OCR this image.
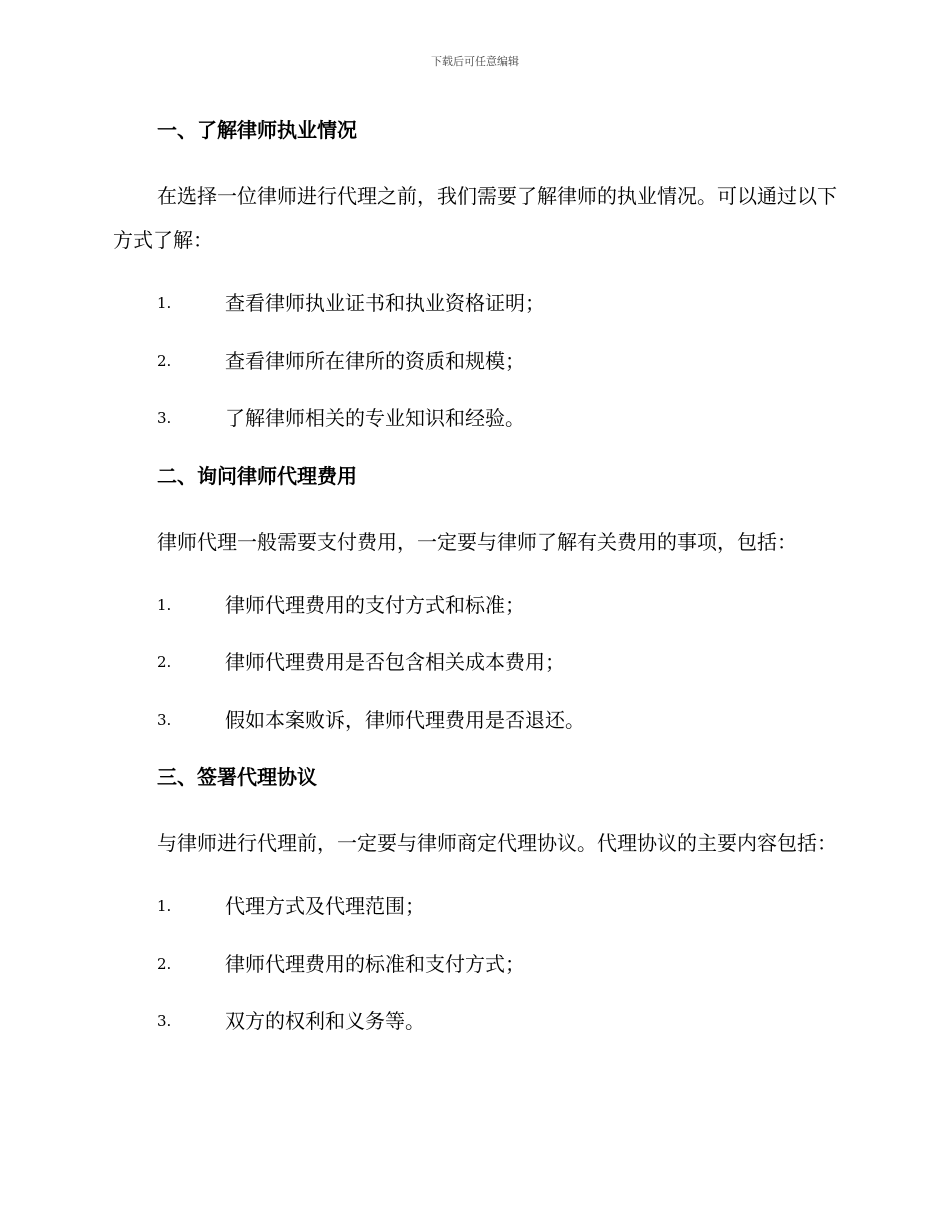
下载后可任意编辑
一、了解律师执业情况

在选择一位律师进行代理之前，我们需要了解律师的执业情况。可以通过以下方式了解：

1.	查看律师执业证书和执业资格证明；
2.	查看律师所在律所的资质和规模；
3.	了解律师相关的专业知识和经验。
二、询问律师代理费用

律师代理一般需要支付费用，一定要与律师了解有关费用的事项，包括：

1.	律师代理费用的支付方式和标准；
2.	律师代理费用是否包含相关成本费用；
3.	假如本案败诉，律师代理费用是否退还。
三、签署代理协议

与律师进行代理前，一定要与律师商定代理协议。代理协议的主要内容包括：

1.	代理方式及代理范围；
2.	律师代理费用的标准和支付方式；
3.	双方的权利和义务等。
